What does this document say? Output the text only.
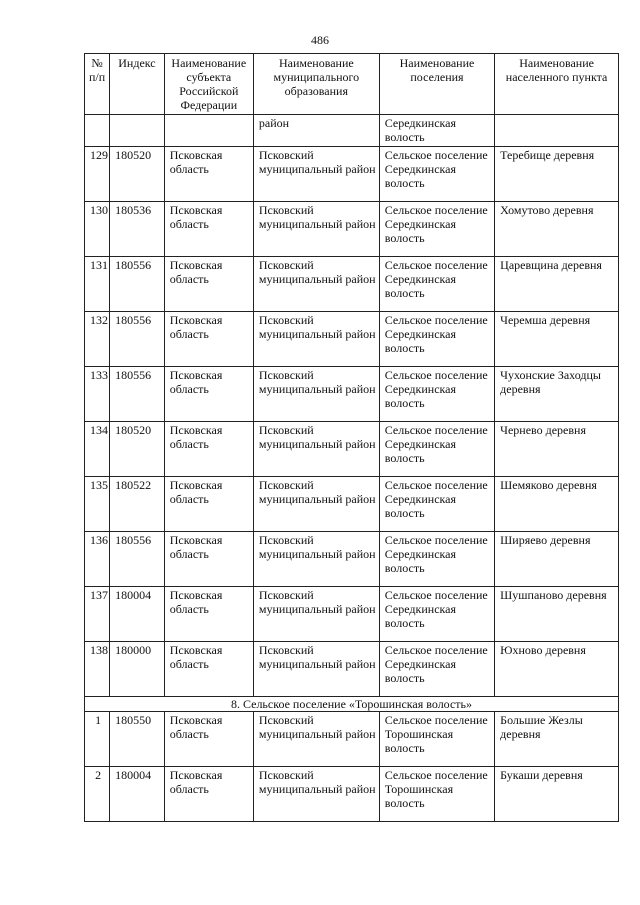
486
№ п/п	Индекс	Наименование субъекта Российской Федерации	Наименование муниципального образования	Наименование поселения	Наименование населенного пункта
			район	Середкинская волость	
129	180520	Псковская область	Псковский муниципальный район	Сельское поселение Середкинская волость	Теребище деревня
130	180536	Псковская область	Псковский муниципальный район	Сельское поселение Середкинская волость	Хомутово деревня
131	180556	Псковская область	Псковский муниципальный район	Сельское поселение Середкинская волость	Царевщина деревня
132	180556	Псковская область	Псковский муниципальный район	Сельское поселение Середкинская волость	Черемша деревня
133	180556	Псковская область	Псковский муниципальный район	Сельское поселение Середкинская волость	Чухонские Заходцы деревня
134	180520	Псковская область	Псковский муниципальный район	Сельское поселение Середкинская волость	Чернево деревня
135	180522	Псковская область	Псковский муниципальный район	Сельское поселение Середкинская волость	Шемяково деревня
136	180556	Псковская область	Псковский муниципальный район	Сельское поселение Середкинская волость	Ширяево деревня
137	180004	Псковская область	Псковский муниципальный район	Сельское поселение Середкинская волость	Шушпаново деревня
138	180000	Псковская область	Псковский муниципальный район	Сельское поселение Середкинская волость	Юхново деревня
8. Сельское поселение «Торошинская волость»					
1	180550	Псковская область	Псковский муниципальный район	Сельское поселение Торошинская волость	Большие Жезлы деревня
2	180004	Псковская область	Псковский муниципальный район	Сельское поселение Торошинская волость	Букаши деревня
